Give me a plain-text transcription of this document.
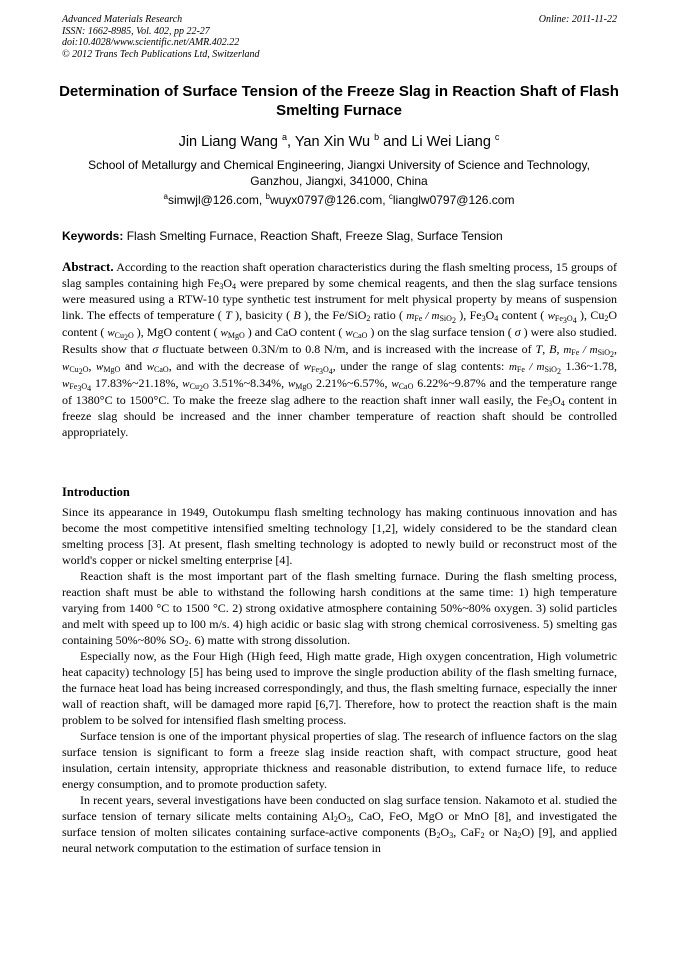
Advanced Materials Research
ISSN: 1662-8985, Vol. 402, pp 22-27
doi:10.4028/www.scientific.net/AMR.402.22
© 2012 Trans Tech Publications Ltd, Switzerland
Online: 2011-11-22
Determination of Surface Tension of the Freeze Slag in Reaction Shaft of Flash Smelting Furnace
Jin Liang Wang $^a$, Yan Xin Wu $^b$ and Li Wei Liang $^c$
School of Metallurgy and Chemical Engineering, Jiangxi University of Science and Technology,
Ganzhou, Jiangxi, 341000, China
$^a$simwjl@126.com, $^b$wuyx0797@126.com, $^c$lianglw0797@126.com
Keywords: Flash Smelting Furnace, Reaction Shaft, Freeze Slag, Surface Tension
Abstract. According to the reaction shaft operation characteristics during the flash smelting process, 15 groups of slag samples containing high $Fe_3O_4$ were prepared by some chemical reagents, and then the slag surface tensions were measured using a RTW-10 type synthetic test instrument for melt physical property by means of suspension link. The effects of temperature ( T ), basicity ( B ), the Fe/SiO$_2$ ratio ( $m_{Fe} / m_{SiO_2}$ ), $Fe_3O_4$ content ( $w_{Fe_3O_4}$ ), $Cu_2O$ content ( $w_{Cu_2O}$ ), MgO content ( $w_{MgO}$ ) and CaO content ( $w_{CaO}$ ) on the slag surface tension ( σ ) were also studied. Results show that σ fluctuate between 0.3N/m to 0.8 N/m, and is increased with the increase of T, B, $m_{Fe} / m_{SiO_2}$, $w_{Cu_2O}$, $w_{MgO}$ and $w_{CaO}$, and with the decrease of $w_{Fe_3O_4}$, under the range of slag contents: $m_{Fe} / m_{SiO_2}$ 1.36~1.78, $w_{Fe_3O_4}$ 17.83%~21.18%, $w_{Cu_2O}$ 3.51%~8.34%, $w_{MgO}$ 2.21%~6.57%, $w_{CaO}$ 6.22%~9.87% and the temperature range of 1380°C to 1500°C. To make the freeze slag adhere to the reaction shaft inner wall easily, the $Fe_3O_4$ content in freeze slag should be increased and the inner chamber temperature of reaction shaft should be controlled appropriately.
Introduction

Since its appearance in 1949, Outokumpu flash smelting technology has making continuous innovation and has become the most competitive intensified smelting technology [1,2], widely considered to be the standard clean smelting process [3]. At present, flash smelting technology is adopted to newly build or reconstruct most of the world's copper or nickel smelting enterprise [4].

Reaction shaft is the most important part of the flash smelting furnace. During the flash smelting process, reaction shaft must be able to withstand the following harsh conditions at the same time: 1) high temperature varying from 1400 °C to 1500 °C. 2) strong oxidative atmosphere containing 50%~80% oxygen. 3) solid particles and melt with speed up to l00 m/s. 4) high acidic or basic slag with strong chemical corrosiveness. 5) smelting gas containing 50%~80% $SO_2$. 6) matte with strong dissolution.

Especially now, as the Four High (High feed, High matte grade, High oxygen concentration, High volumetric heat capacity) technology [5] has being used to improve the single production ability of the flash smelting furnace, the furnace heat load has being increased correspondingly, and thus, the flash smelting furnace, especially the inner wall of reaction shaft, will be damaged more rapid [6,7]. Therefore, how to protect the reaction shaft is the main problem to be solved for intensified flash smelting process.

Surface tension is one of the important physical properties of slag. The research of influence factors on the slag surface tension is significant to form a freeze slag inside reaction shaft, with compact structure, good heat insulation, certain intensity, appropriate thickness and reasonable distribution, to extend furnace life, to reduce energy consumption, and to promote production safety.

In recent years, several investigations have been conducted on slag surface tension. Nakamoto et al. studied the surface tension of ternary silicate melts containing $Al_2O_3$, CaO, FeO, MgO or MnO [8], and investigated the surface tension of molten silicates containing surface-active components ($B_2O_3$, CaF$_2$ or $Na_2O$) [9], and applied neural network computation to the estimation of surface tension in
